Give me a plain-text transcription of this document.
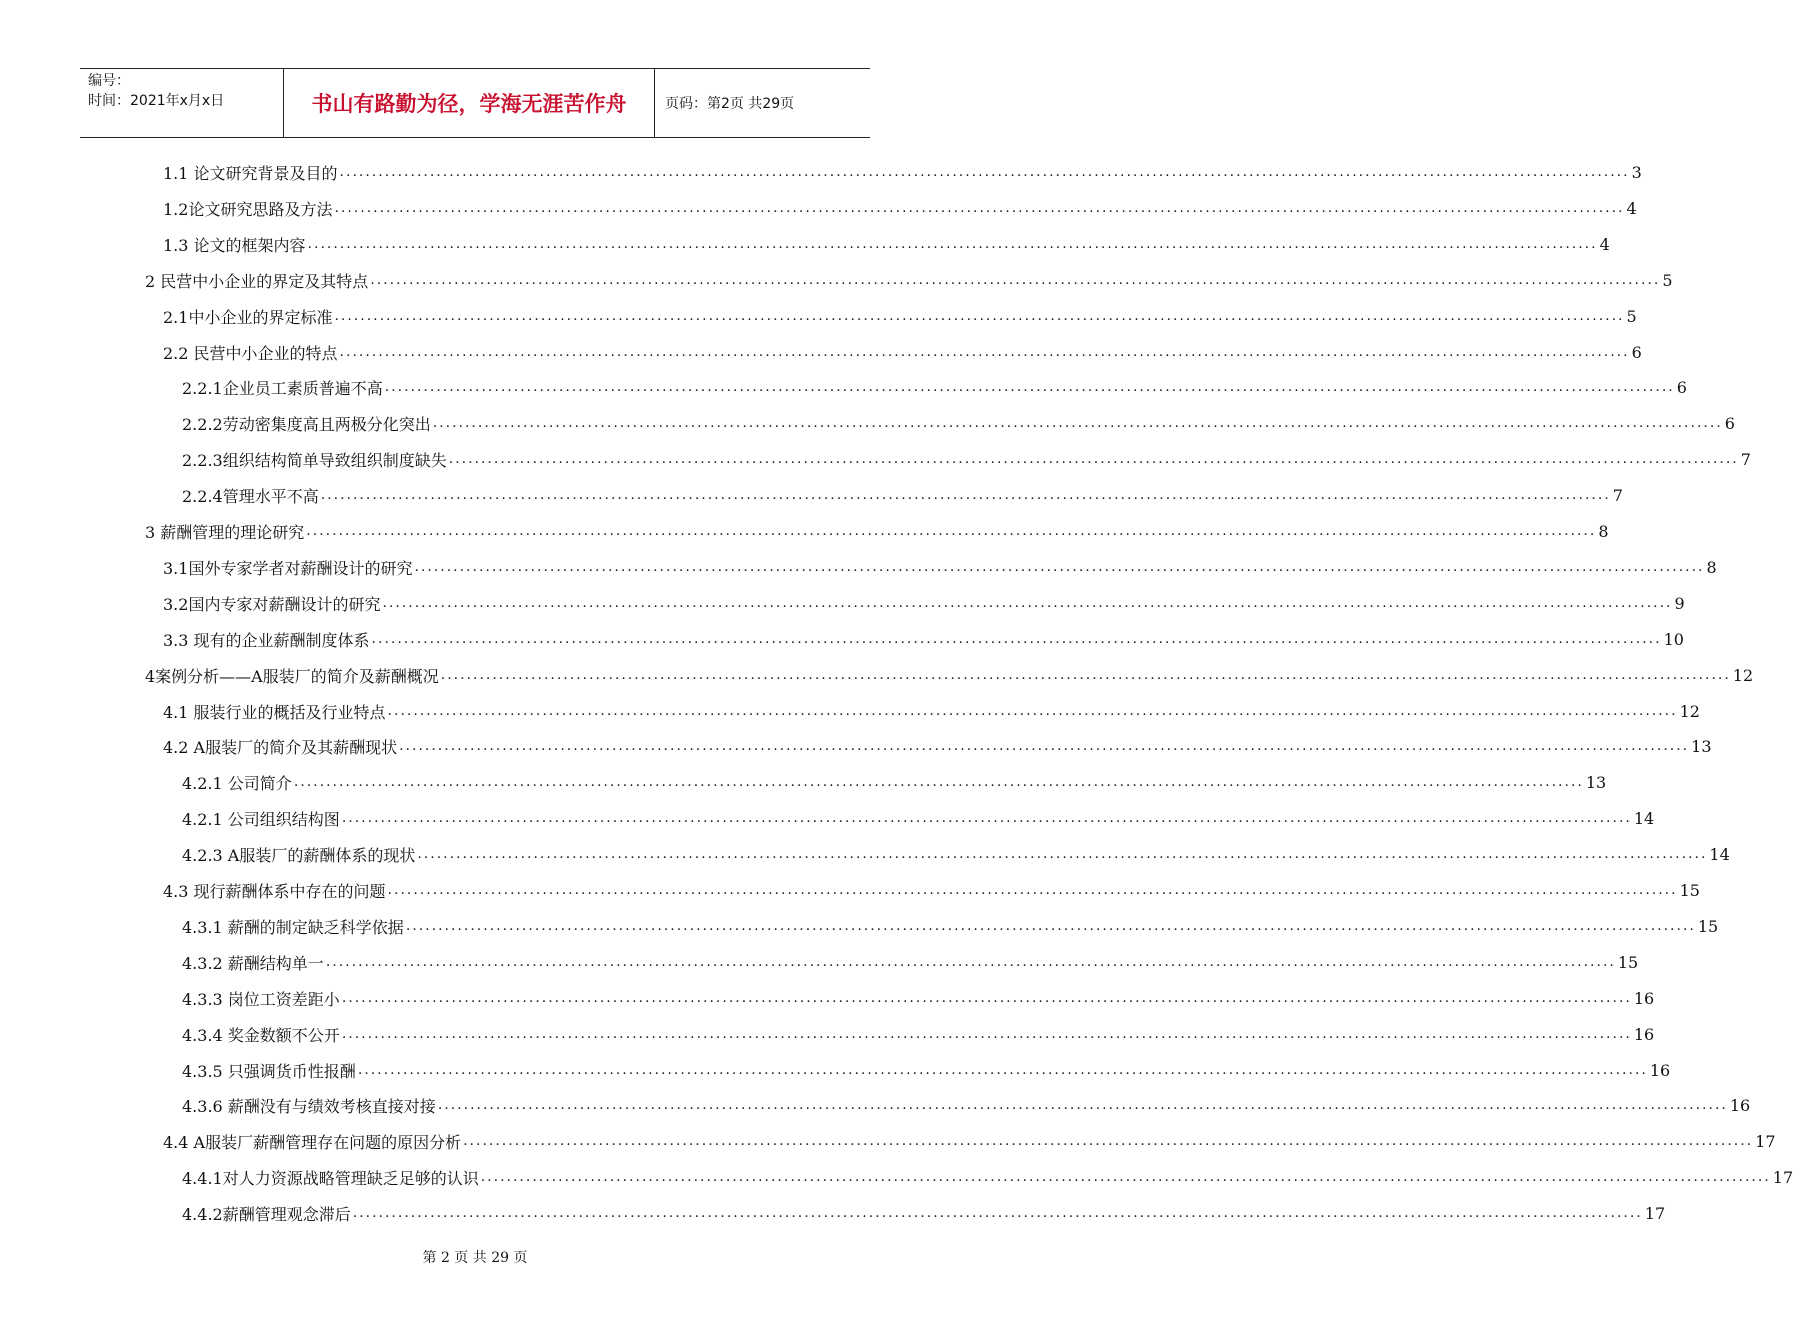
编号：
时间：2021年x月x日	书山有路勤为径，学海无涯苦作舟	页码：第2页 共29页
1.1 论文研究背景及目的 ........................................................................................................................................................................................................ 3
1.2论文研究思路及方法 ........................................................................................................................................................................................................ 4
1.3 论文的框架内容 ........................................................................................................................................................................................................ 4
2 民营中小企业的界定及其特点 ........................................................................................................................................................................................................ 5
2.1中小企业的界定标准 ........................................................................................................................................................................................................ 5
2.2 民营中小企业的特点 ........................................................................................................................................................................................................ 6
2.2.1企业员工素质普遍不高 ........................................................................................................................................................................................................ 6
2.2.2劳动密集度高且两极分化突出 ........................................................................................................................................................................................................ 6
2.2.3组织结构简单导致组织制度缺失 ........................................................................................................................................................................................................ 7
2.2.4管理水平不高 ........................................................................................................................................................................................................ 7
3 薪酬管理的理论研究 ........................................................................................................................................................................................................ 8
3.1国外专家学者对薪酬设计的研究 ........................................................................................................................................................................................................ 8
3.2国内专家对薪酬设计的研究 ........................................................................................................................................................................................................ 9
3.3 现有的企业薪酬制度体系 ........................................................................................................................................................................................................ 10
4案例分析——A服装厂的简介及薪酬概况 ........................................................................................................................................................................................................ 12
4.1 服装行业的概括及行业特点 ........................................................................................................................................................................................................ 12
4.2 A服装厂的简介及其薪酬现状 ........................................................................................................................................................................................................ 13
4.2.1 公司简介 ........................................................................................................................................................................................................ 13
4.2.1 公司组织结构图 ........................................................................................................................................................................................................ 14
4.2.3 A服装厂的薪酬体系的现状 ........................................................................................................................................................................................................ 14
4.3 现行薪酬体系中存在的问题 ........................................................................................................................................................................................................ 15
4.3.1 薪酬的制定缺乏科学依据 ........................................................................................................................................................................................................ 15
4.3.2 薪酬结构单一 ........................................................................................................................................................................................................ 15
4.3.3 岗位工资差距小 ........................................................................................................................................................................................................ 16
4.3.4 奖金数额不公开 ........................................................................................................................................................................................................ 16
4.3.5 只强调货币性报酬 ........................................................................................................................................................................................................ 16
4.3.6 薪酬没有与绩效考核直接对接 ........................................................................................................................................................................................................ 16
4.4 A服装厂薪酬管理存在问题的原因分析 ........................................................................................................................................................................................................ 17
4.4.1对人力资源战略管理缺乏足够的认识 ........................................................................................................................................................................................................ 17
4.4.2薪酬管理观念滞后 ........................................................................................................................................................................................................ 17
第 2 页 共 29 页
